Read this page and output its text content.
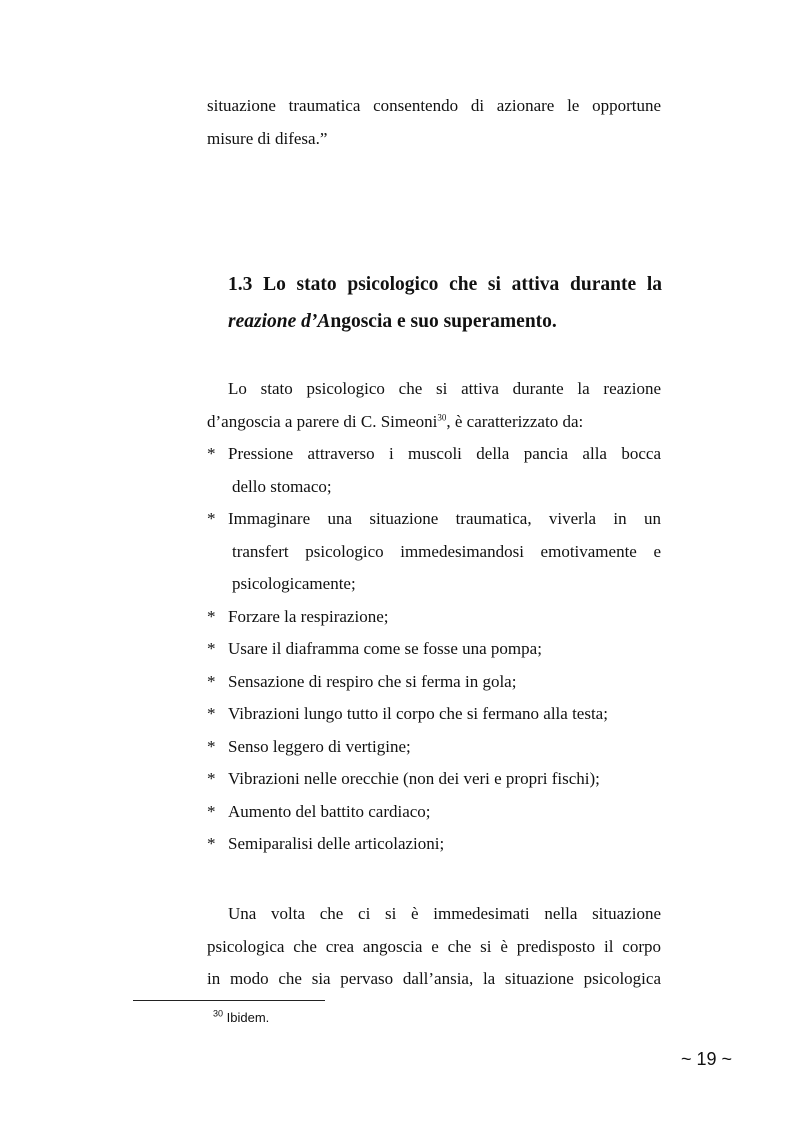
situazione traumatica consentendo di azionare le opportune
misure di difesa.”
1.3 Lo stato psicologico che si attiva durante la
reazione d’Angoscia e suo superamento.
Lo stato psicologico che si attiva durante la reazione
d’angoscia a parere di C. Simeoni$^{30}$, è caratterizzato da:
* Pressione attraverso i muscoli della pancia alla bocca
dello stomaco;
* Immaginare una situazione traumatica, viverla in un
transfert psicologico immedesimandosi emotivamente e
psicologicamente;
* Forzare la respirazione;
* Usare il diaframma come se fosse una pompa;
* Sensazione di respiro che si ferma in gola;
* Vibrazioni lungo tutto il corpo che si fermano alla testa;
* Senso leggero di vertigine;
* Vibrazioni nelle orecchie (non dei veri e propri fischi);
* Aumento del battito cardiaco;
* Semiparalisi delle articolazioni;
Una volta che ci si è immedesimati nella situazione
psicologica che crea angoscia e che si è predisposto il corpo
in modo che sia pervaso dall’ansia, la situazione psicologica
$^{30}$ Ibidem.
~ 19 ~
